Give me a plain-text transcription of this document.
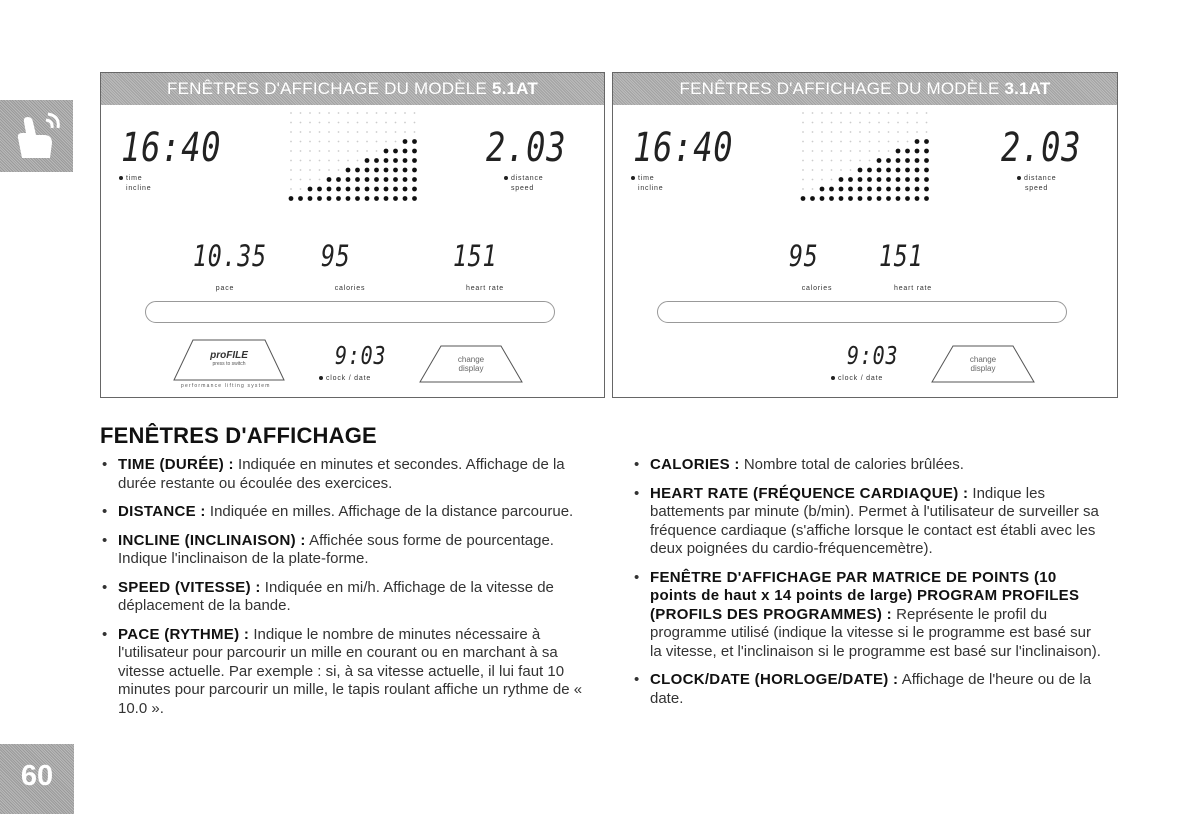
60
FENÊTRES D'AFFICHAGE DU MODÈLE 5.1AT
16:40
time
incline
2.03
distance
speed
10.35
pace
95
calories
151
heart rate
proFILE
press to switch
performance lifting system
9:03
clock / date
change
display
FENÊTRES D'AFFICHAGE DU MODÈLE 3.1AT
16:40
time
incline
2.03
distance
speed
95
calories
151
heart rate
9:03
clock / date
change
display
FENÊTRES D'AFFICHAGE
• TIME (DURÉE) : Indiquée en minutes et secondes. Affichage de la durée restante ou écoulée des exercices.
• DISTANCE : Indiquée en milles. Affichage de la distance parcourue.
• INCLINE (INCLINAISON) : Affichée sous forme de pourcentage. Indique l'inclinaison de la plate-forme.
• SPEED (VITESSE) : Indiquée en mi/h. Affichage de la vitesse de déplacement de la bande.
• PACE (RYTHME) : Indique le nombre de minutes nécessaire à l'utilisateur pour parcourir un mille en courant ou en marchant à sa vitesse actuelle. Par exemple : si, à sa vitesse actuelle, il lui faut 10 minutes pour parcourir un mille, le tapis roulant affiche un rythme de « 10.0 ».
• CALORIES : Nombre total de calories brûlées.
• HEART RATE (FRÉQUENCE CARDIAQUE) : Indique les battements par minute (b/min). Permet à l'utilisateur de surveiller sa fréquence cardiaque (s'affiche lorsque le contact est établi avec les deux poignées du cardio-fréquencemètre).
• FENÊTRE D'AFFICHAGE PAR MATRICE DE POINTS (10 points de haut x 14 points de large) PROGRAM PROFILES (PROFILS DES PROGRAMMES) : Représente le profil du programme utilisé (indique la vitesse si le programme est basé sur la vitesse, et l'inclinaison si le programme est basé sur l'inclinaison).
• CLOCK/DATE (HORLOGE/DATE) : Affichage de l'heure ou de la date.
